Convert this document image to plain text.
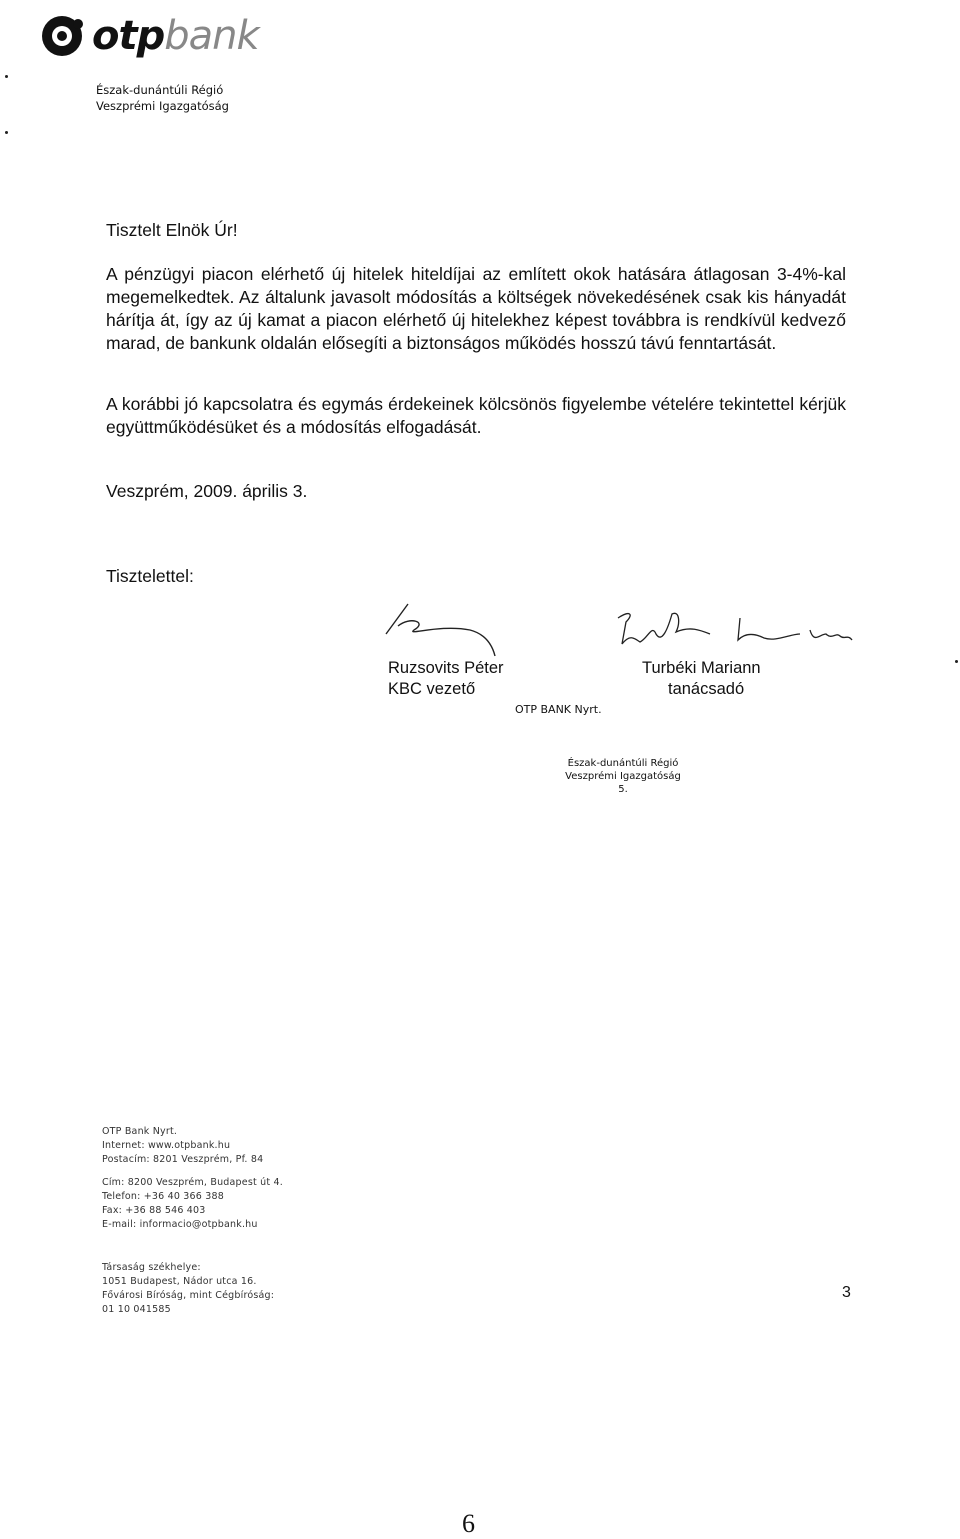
otpbank
Észak-dunántúli Régió
Veszprémi Igazgatóság
Tisztelt Elnök Úr!
A pénzügyi piacon elérhető új hitelek hiteldíjai az említett okok hatására átlagosan 3-4%-kal megemelkedtek. Az általunk javasolt módosítás a költségek növekedésének csak kis hányadát hárítja át, így az új kamat a piacon elérhető új hitelekhez képest továbbra is rendkívül kedvező marad, de bankunk oldalán elősegíti a biztonságos működés hosszú távú fenntartását.
A korábbi jó kapcsolatra és egymás érdekeinek kölcsönös figyelembe vételére tekintettel kérjük együttműködésüket és a módosítás elfogadását.
Veszprém, 2009. április 3.
Tisztelettel:
Ruzsovits Péter
KBC vezető
Turbéki Mariann
tanácsadó
OTP BANK Nyrt.
Észak-dunántúli Régió
Veszprémi Igazgatóság
5.
OTP Bank Nyrt.
Internet: www.otpbank.hu
Postacím: 8201 Veszprém, Pf. 84
Cím: 8200 Veszprém, Budapest út 4.
Telefon: +36 40 366 388
Fax: +36 88 546 403
E-mail: informacio@otpbank.hu
Társaság székhelye:
1051 Budapest, Nádor utca 16.
Fővárosi Bíróság, mint Cégbíróság:
01 10 041585
3
6
